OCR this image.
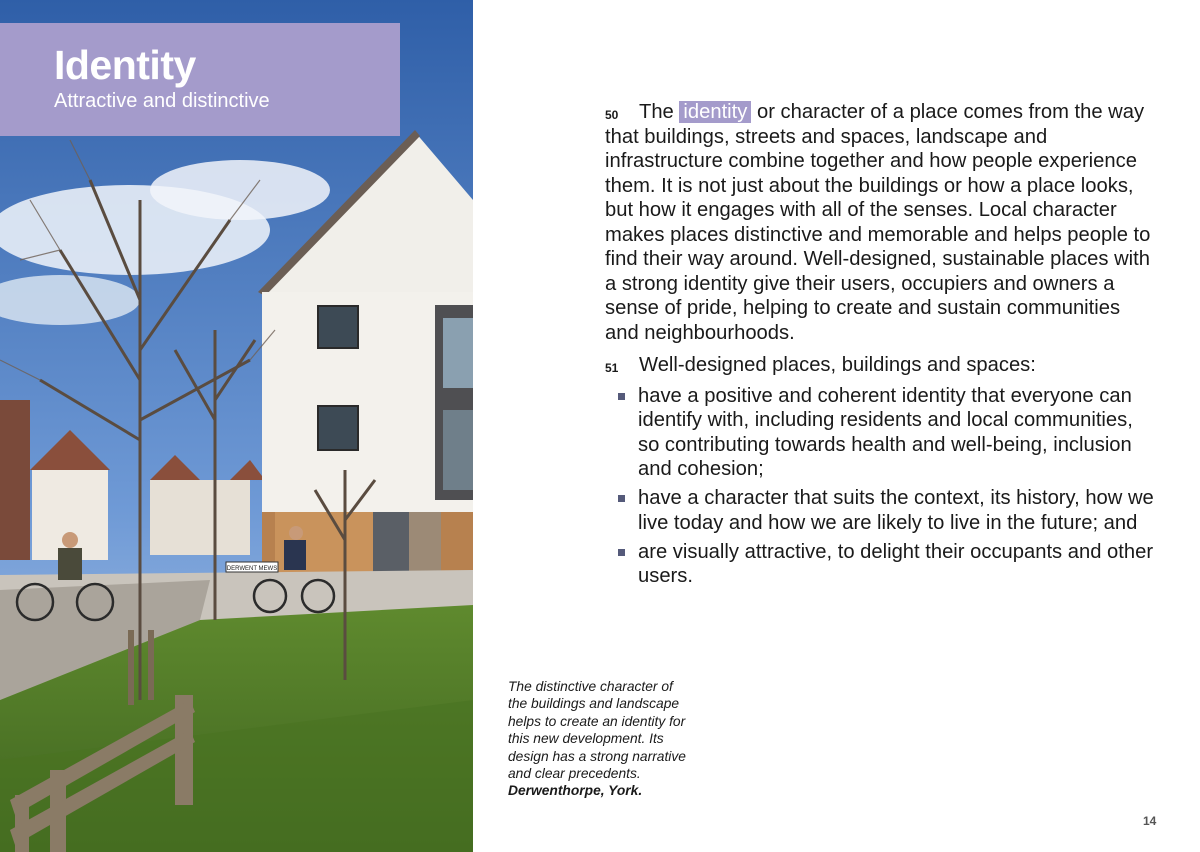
DERWENT MEWS
Identity
Attractive and distinctive
50 The identity or character of a place comes from the way that buildings, streets and spaces, landscape and infrastructure combine together and how people experience them. It is not just about the buildings or how a place looks, but how it engages with all of the senses. Local character makes places distinctive and memorable and helps people to find their way around. Well-designed, sustainable places with a strong identity give their users, occupiers and owners a sense of pride, helping to create and sustain communities and neighbourhoods.
51 Well-designed places, buildings and spaces:
have a positive and coherent identity that everyone can identify with, including residents and local communities, so contributing towards health and well-being, inclusion and cohesion;
have a character that suits the context, its history, how we live today and how we are likely to live in the future; and
are visually attractive, to delight their occupants and other users.
The distinctive character of the buildings and landscape helps to create an identity for this new development. Its design has a strong narrative and clear precedents. Derwenthorpe, York.
14
